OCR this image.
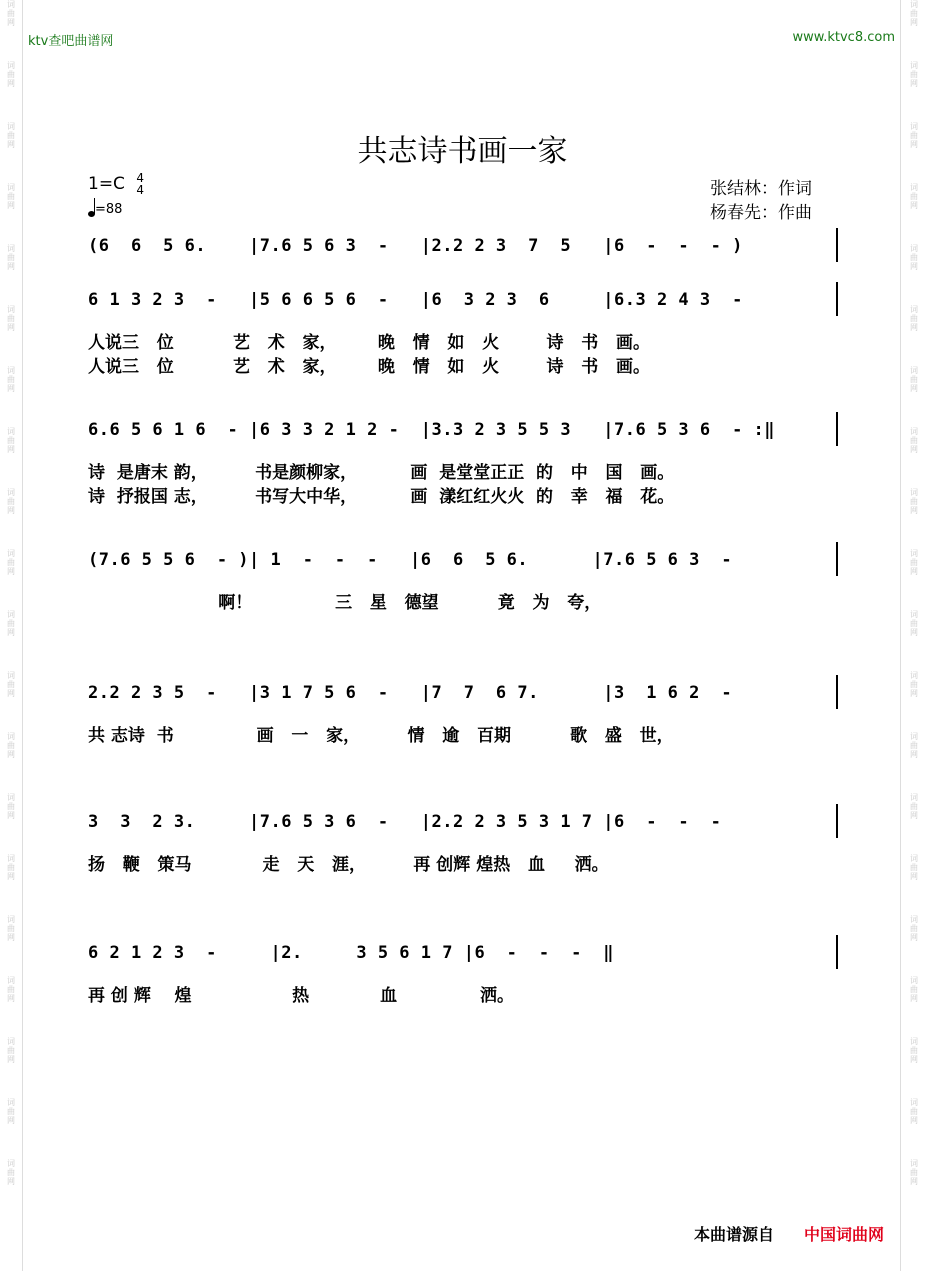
词
曲
网
词
曲
网
词
曲
网
词
曲
网
词
曲
网
词
曲
网
词
曲
网
词
曲
网
词
曲
网
词
曲
网
词
曲
网
词
曲
网
词
曲
网
词
曲
网
词
曲
网
词
曲
网
词
曲
网
词
曲
网
词
曲
网
词
曲
网
词
曲
网
词
曲
网
词
曲
网
词
曲
网
词
曲
网
词
曲
网
词
曲
网
词
曲
网
词
曲
网
词
曲
网
词
曲
网
词
曲
网
词
曲
网
词
曲
网
词
曲
网
词
曲
网
词
曲
网
词
曲
网
词
曲
网
词
曲
网
ktv查吧曲谱网	www.ktvc8.com
共志诗书画一家
1=C 4
4
=88
张结林：作词
杨春先：作曲
(6  6  5 6.    |7.6 5 6 3  -   |2.2 2 3  7  5   |6  -  -  - )
6 1 3 2 3  -   |5 6 6 5 6  -   |6  3 2 3  6     |6.3 2 4 3  -
人说三   位          艺   术   家，       晚   情   如   火        诗   书   画。
人说三   位          艺   术   家，       晚   情   如   火        诗   书   画。
6.6 5 6 1 6  - |6 3 3 2 1 2 -  |3.3 2 3 5 5 3   |7.6 5 3 6  - :‖
诗  是唐末 韵，        书是颜柳家，         画  是堂堂正正  的   中   国   画。
诗  抒报国 志，        书写大中华，         画  漾红红火火  的   幸   福   花。
(7.6 5 5 6  - )| 1  -  -  -   |6  6  5 6.      |7.6 5 6 3  -
啊！              三   星   德望          竟   为   夸，
2.2 2 3 5  -   |3 1 7 5 6  -   |7  7  6 7.      |3  1 6 2  -
共 志诗  书              画   一   家，        情   逾   百期          歌   盛   世，
3  3  2 3.     |7.6 5 3 6  -   |2.2 2 3 5 3 1 7 |6  -  -  -
扬   鞭   策马            走   天   涯，        再 创辉 煌热   血     洒。
6 2 1 2 3  -     |2.     3 5 6 1 7 |6  -  -  -  ‖
再 创 辉    煌                 热            血              洒。
本曲谱源自 中国词曲网
